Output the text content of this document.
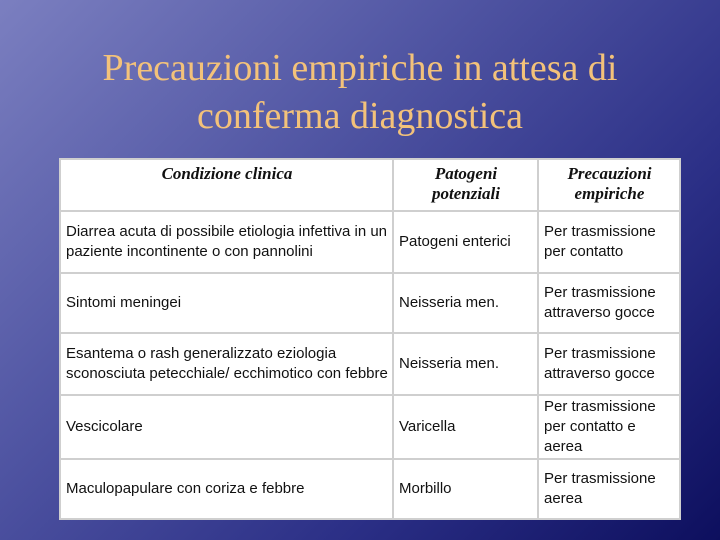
Precauzioni empiriche in attesa di
conferma diagnostica
Condizione clinica	Patogeni potenziali	Precauzioni empiriche
Diarrea acuta di possibile etiologia infettiva in un paziente incontinente o con pannolini	Patogeni enterici	Per trasmissione per contatto
Sintomi meningei	Neisseria men.	Per trasmissione attraverso gocce
Esantema o rash generalizzato eziologia sconosciuta petecchiale/ ecchimotico con febbre	Neisseria men.	Per trasmissione attraverso gocce
Vescicolare	Varicella	Per trasmissione per contatto e aerea
Maculopapulare con coriza e febbre	Morbillo	Per trasmissione aerea
